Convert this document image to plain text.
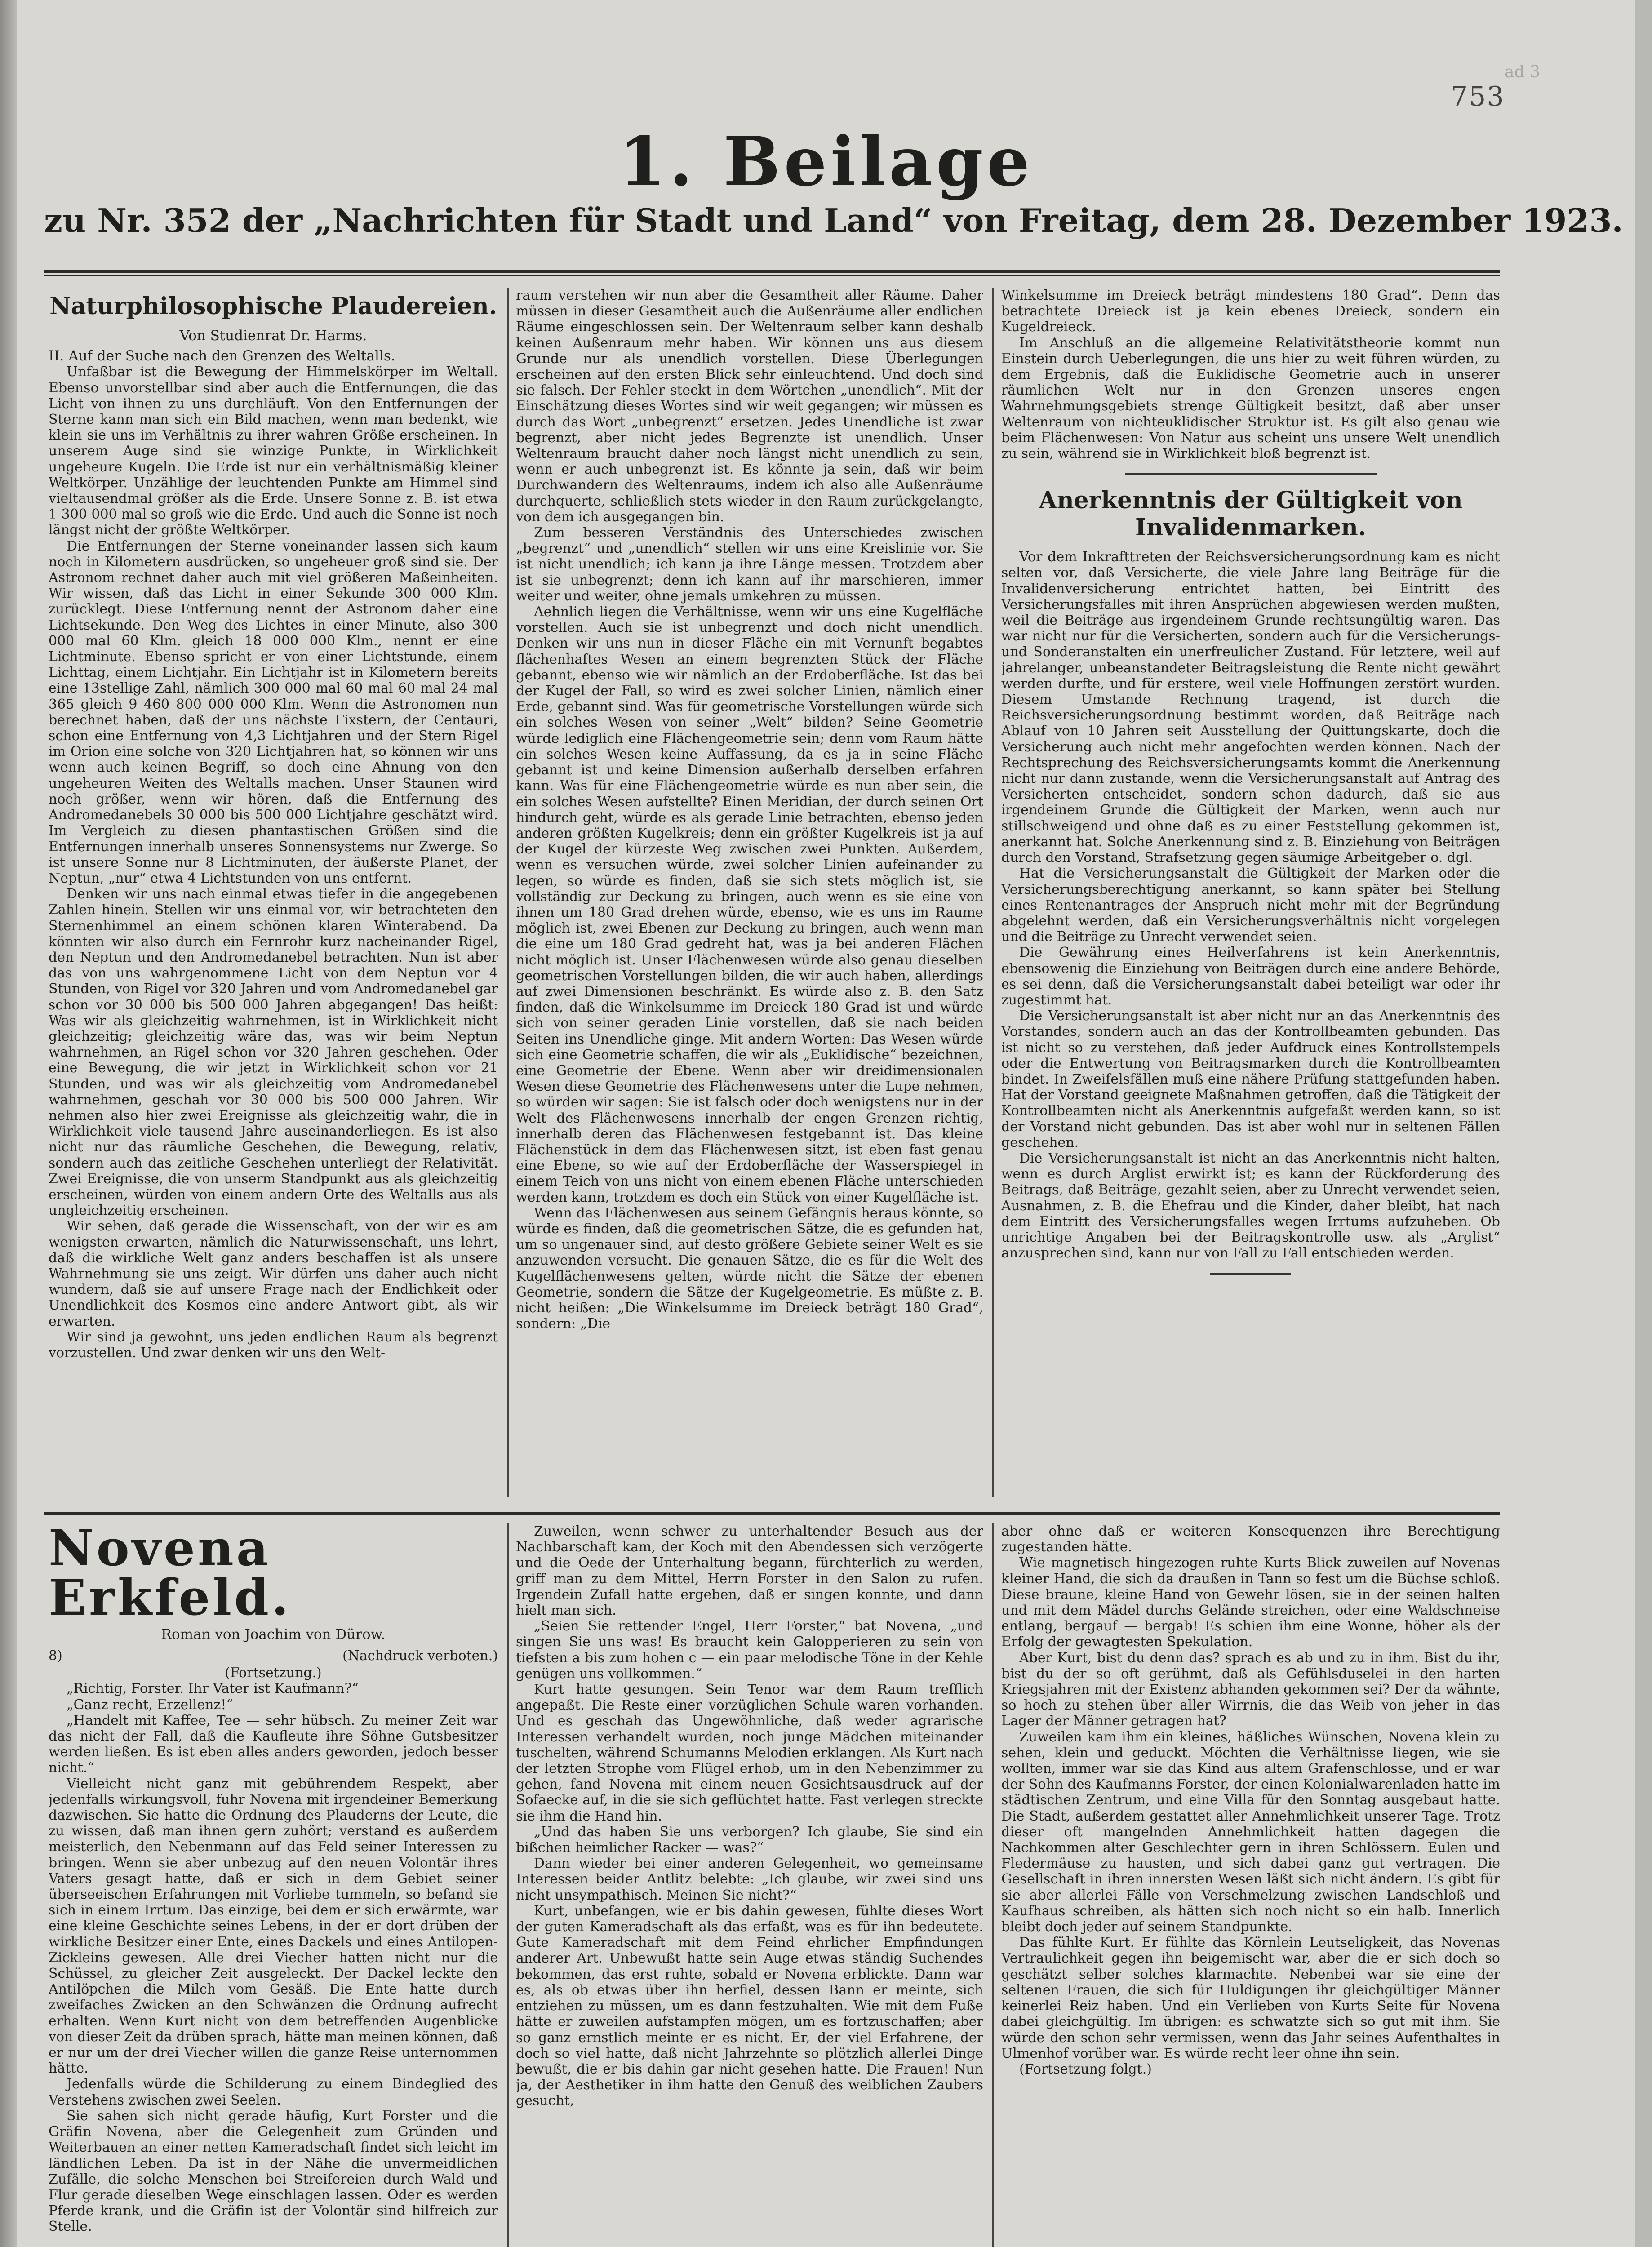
753
ad 3
1. Beilage
zu Nr. 352 der „Nachrichten für Stadt und Land“ von Freitag, dem 28. Dezember 1923.
Naturphilosophische Plaudereien.
Von Studienrat Dr. Harms.

II. Auf der Suche nach den Grenzen des Weltalls.

Unfaßbar ist die Bewegung der Himmelskörper im Weltall. Ebenso unvorstellbar sind aber auch die Entfernungen, die das Licht von ihnen zu uns durchläuft. Von den Entfernungen der Sterne kann man sich ein Bild machen, wenn man bedenkt, wie klein sie uns im Verhältnis zu ihrer wahren Größe erscheinen. In unserem Auge sind sie winzige Punkte, in Wirklichkeit ungeheure Kugeln. Die Erde ist nur ein verhältnismäßig kleiner Weltkörper. Unzählige der leuchtenden Punkte am Himmel sind vieltausendmal größer als die Erde. Unsere Sonne z. B. ist etwa 1 300 000 mal so groß wie die Erde. Und auch die Sonne ist noch längst nicht der größte Weltkörper.

Die Entfernungen der Sterne voneinander lassen sich kaum noch in Kilometern ausdrücken, so ungeheuer groß sind sie. Der Astronom rechnet daher auch mit viel größeren Maßeinheiten. Wir wissen, daß das Licht in einer Sekunde 300 000 Klm. zurücklegt. Diese Entfernung nennt der Astronom daher eine Lichtsekunde. Den Weg des Lichtes in einer Minute, also 300 000 mal 60 Klm. gleich 18 000 000 Klm., nennt er eine Lichtminute. Ebenso spricht er von einer Lichtstunde, einem Lichttag, einem Lichtjahr. Ein Lichtjahr ist in Kilometern bereits eine 13stellige Zahl, nämlich 300 000 mal 60 mal 60 mal 24 mal 365 gleich 9 460 800 000 000 Klm. Wenn die Astronomen nun berechnet haben, daß der uns nächste Fixstern, der Centauri, schon eine Entfernung von 4,3 Lichtjahren und der Stern Rigel im Orion eine solche von 320 Lichtjahren hat, so können wir uns wenn auch keinen Begriff, so doch eine Ahnung von den ungeheuren Weiten des Weltalls machen. Unser Staunen wird noch größer, wenn wir hören, daß die Entfernung des Andromedanebels 30 000 bis 500 000 Lichtjahre geschätzt wird. Im Vergleich zu diesen phantastischen Größen sind die Entfernungen innerhalb unseres Sonnensystems nur Zwerge. So ist unsere Sonne nur 8 Lichtminuten, der äußerste Planet, der Neptun, „nur“ etwa 4 Lichtstunden von uns entfernt.

Denken wir uns nach einmal etwas tiefer in die angegebenen Zahlen hinein. Stellen wir uns einmal vor, wir betrachteten den Sternenhimmel an einem schönen klaren Winterabend. Da könnten wir also durch ein Fernrohr kurz nacheinander Rigel, den Neptun und den Andromedanebel betrachten. Nun ist aber das von uns wahrgenommene Licht von dem Neptun vor 4 Stunden, von Rigel vor 320 Jahren und vom Andromedanebel gar schon vor 30 000 bis 500 000 Jahren abgegangen! Das heißt: Was wir als gleichzeitig wahrnehmen, ist in Wirklichkeit nicht gleichzeitig; gleichzeitig wäre das, was wir beim Neptun wahrnehmen, an Rigel schon vor 320 Jahren geschehen. Oder eine Bewegung, die wir jetzt in Wirklichkeit schon vor 21 Stunden, und was wir als gleichzeitig vom Andromedanebel wahrnehmen, geschah vor 30 000 bis 500 000 Jahren. Wir nehmen also hier zwei Ereignisse als gleichzeitig wahr, die in Wirklichkeit viele tausend Jahre auseinanderliegen. Es ist also nicht nur das räumliche Geschehen, die Bewegung, relativ, sondern auch das zeitliche Geschehen unterliegt der Relativität. Zwei Ereignisse, die von unserm Standpunkt aus als gleichzeitig erscheinen, würden von einem andern Orte des Weltalls aus als ungleichzeitig erscheinen.

Wir sehen, daß gerade die Wissenschaft, von der wir es am wenigsten erwarten, nämlich die Naturwissenschaft, uns lehrt, daß die wirkliche Welt ganz anders beschaffen ist als unsere Wahrnehmung sie uns zeigt. Wir dürfen uns daher auch nicht wundern, daß sie auf unsere Frage nach der Endlichkeit oder Unendlichkeit des Kosmos eine andere Antwort gibt, als wir erwarten.

Wir sind ja gewohnt, uns jeden endlichen Raum als begrenzt vorzustellen. Und zwar denken wir uns den Welt-

raum verstehen wir nun aber die Gesamtheit aller Räume. Daher müssen in dieser Gesamtheit auch die Außenräume aller endlichen Räume eingeschlossen sein. Der Weltenraum selber kann deshalb keinen Außenraum mehr haben. Wir können uns aus diesem Grunde nur als unendlich vorstellen. Diese Überlegungen erscheinen auf den ersten Blick sehr einleuchtend. Und doch sind sie falsch. Der Fehler steckt in dem Wörtchen „unendlich“. Mit der Einschätzung dieses Wortes sind wir weit gegangen; wir müssen es durch das Wort „unbegrenzt“ ersetzen. Jedes Unendliche ist zwar begrenzt, aber nicht jedes Begrenzte ist unendlich. Unser Weltenraum braucht daher noch längst nicht unendlich zu sein, wenn er auch unbegrenzt ist. Es könnte ja sein, daß wir beim Durchwandern des Weltenraums, indem ich also alle Außenräume durchquerte, schließlich stets wieder in den Raum zurückgelangte, von dem ich ausgegangen bin.

Zum besseren Verständnis des Unterschiedes zwischen „begrenzt“ und „unendlich“ stellen wir uns eine Kreislinie vor. Sie ist nicht unendlich; ich kann ja ihre Länge messen. Trotzdem aber ist sie unbegrenzt; denn ich kann auf ihr marschieren, immer weiter und weiter, ohne jemals umkehren zu müssen.

Aehnlich liegen die Verhältnisse, wenn wir uns eine Kugelfläche vorstellen. Auch sie ist unbegrenzt und doch nicht unendlich. Denken wir uns nun in dieser Fläche ein mit Vernunft begabtes flächenhaftes Wesen an einem begrenzten Stück der Fläche gebannt, ebenso wie wir nämlich an der Erdoberfläche. Ist das bei der Kugel der Fall, so wird es zwei solcher Linien, nämlich einer Erde, gebannt sind. Was für geometrische Vorstellungen würde sich ein solches Wesen von seiner „Welt“ bilden? Seine Geometrie würde lediglich eine Flächengeometrie sein; denn vom Raum hätte ein solches Wesen keine Auffassung, da es ja in seine Fläche gebannt ist und keine Dimension außerhalb derselben erfahren kann. Was für eine Flächengeometrie würde es nun aber sein, die ein solches Wesen aufstellte? Einen Meridian, der durch seinen Ort hindurch geht, würde es als gerade Linie betrachten, ebenso jeden anderen größten Kugelkreis; denn ein größter Kugelkreis ist ja auf der Kugel der kürzeste Weg zwischen zwei Punkten. Außerdem, wenn es versuchen würde, zwei solcher Linien aufeinander zu legen, so würde es finden, daß sie sich stets möglich ist, sie vollständig zur Deckung zu bringen, auch wenn es sie eine von ihnen um 180 Grad drehen würde, ebenso, wie es uns im Raume möglich ist, zwei Ebenen zur Deckung zu bringen, auch wenn man die eine um 180 Grad gedreht hat, was ja bei anderen Flächen nicht möglich ist. Unser Flächenwesen würde also genau dieselben geometrischen Vorstellungen bilden, die wir auch haben, allerdings auf zwei Dimensionen beschränkt. Es würde also z. B. den Satz finden, daß die Winkelsumme im Dreieck 180 Grad ist und würde sich von seiner geraden Linie vorstellen, daß sie nach beiden Seiten ins Unendliche ginge. Mit andern Worten: Das Wesen würde sich eine Geometrie schaffen, die wir als „Euklidische“ bezeichnen, eine Geometrie der Ebene. Wenn aber wir dreidimensionalen Wesen diese Geometrie des Flächenwesens unter die Lupe nehmen, so würden wir sagen: Sie ist falsch oder doch wenigstens nur in der Welt des Flächenwesens innerhalb der engen Grenzen richtig, innerhalb deren das Flächenwesen festgebannt ist. Das kleine Flächenstück in dem das Flächenwesen sitzt, ist eben fast genau eine Ebene, so wie auf der Erdoberfläche der Wasserspiegel in einem Teich von uns nicht von einem ebenen Fläche unterschieden werden kann, trotzdem es doch ein Stück von einer Kugelfläche ist.

Wenn das Flächenwesen aus seinem Gefängnis heraus könnte, so würde es finden, daß die geometrischen Sätze, die es gefunden hat, um so ungenauer sind, auf desto größere Gebiete seiner Welt es sie anzuwenden versucht. Die genauen Sätze, die es für die Welt des Kugelflächenwesens gelten, würde nicht die Sätze der ebenen Geometrie, sondern die Sätze der Kugelgeometrie. Es müßte z. B. nicht heißen: „Die Winkelsumme im Dreieck beträgt 180 Grad“, sondern: „Die

Winkelsumme im Dreieck beträgt mindestens 180 Grad“. Denn das betrachtete Dreieck ist ja kein ebenes Dreieck, sondern ein Kugeldreieck.

Im Anschluß an die allgemeine Relativitätstheorie kommt nun Einstein durch Ueberlegungen, die uns hier zu weit führen würden, zu dem Ergebnis, daß die Euklidische Geometrie auch in unserer räumlichen Welt nur in den Grenzen unseres engen Wahrnehmungsgebiets strenge Gültigkeit besitzt, daß aber unser Weltenraum von nichteuklidischer Struktur ist. Es gilt also genau wie beim Flächenwesen: Von Natur aus scheint uns unsere Welt unendlich zu sein, während sie in Wirklichkeit bloß begrenzt ist.

Anerkenntnis der Gültigkeit von Invalidenmarken.

Vor dem Inkrafttreten der Reichsversicherungsordnung kam es nicht selten vor, daß Versicherte, die viele Jahre lang Beiträge für die Invalidenversicherung entrichtet hatten, bei Eintritt des Versicherungsfalles mit ihren Ansprüchen abgewiesen werden mußten, weil die Beiträge aus irgendeinem Grunde rechtsungültig waren. Das war nicht nur für die Versicherten, sondern auch für die Versicherungs- und Sonderanstalten ein unerfreulicher Zustand. Für letztere, weil auf jahrelanger, unbeanstandeter Beitragsleistung die Rente nicht gewährt werden durfte, und für erstere, weil viele Hoffnungen zerstört wurden. Diesem Umstande Rechnung tragend, ist durch die Reichsversicherungsordnung bestimmt worden, daß Beiträge nach Ablauf von 10 Jahren seit Ausstellung der Quittungskarte, doch die Versicherung auch nicht mehr angefochten werden können. Nach der Rechtsprechung des Reichsversicherungsamts kommt die Anerkennung nicht nur dann zustande, wenn die Versicherungsanstalt auf Antrag des Versicherten entscheidet, sondern schon dadurch, daß sie aus irgendeinem Grunde die Gültigkeit der Marken, wenn auch nur stillschweigend und ohne daß es zu einer Feststellung gekommen ist, anerkannt hat. Solche Anerkennung sind z. B. Einziehung von Beiträgen durch den Vorstand, Strafsetzung gegen säumige Arbeitgeber o. dgl.

Hat die Versicherungsanstalt die Gültigkeit der Marken oder die Versicherungsberechtigung anerkannt, so kann später bei Stellung eines Rentenantrages der Anspruch nicht mehr mit der Begründung abgelehnt werden, daß ein Versicherungsverhältnis nicht vorgelegen und die Beiträge zu Unrecht verwendet seien.

Die Gewährung eines Heilverfahrens ist kein Anerkenntnis, ebensowenig die Einziehung von Beiträgen durch eine andere Behörde, es sei denn, daß die Versicherungsanstalt dabei beteiligt war oder ihr zugestimmt hat.

Die Versicherungsanstalt ist aber nicht nur an das Anerkenntnis des Vorstandes, sondern auch an das der Kontrollbeamten gebunden. Das ist nicht so zu verstehen, daß jeder Aufdruck eines Kontrollstempels oder die Entwertung von Beitragsmarken durch die Kontrollbeamten bindet. In Zweifelsfällen muß eine nähere Prüfung stattgefunden haben. Hat der Vorstand geeignete Maßnahmen getroffen, daß die Tätigkeit der Kontrollbeamten nicht als Anerkenntnis aufgefaßt werden kann, so ist der Vorstand nicht gebunden. Das ist aber wohl nur in seltenen Fällen geschehen.

Die Versicherungsanstalt ist nicht an das Anerkenntnis nicht halten, wenn es durch Arglist erwirkt ist; es kann der Rückforderung des Beitrags, daß Beiträge, gezahlt seien, aber zu Unrecht verwendet seien, Ausnahmen, z. B. die Ehefrau und die Kinder, daher bleibt, hat nach dem Eintritt des Versicherungsfalles wegen Irrtums aufzuheben. Ob unrichtige Angaben bei der Beitragskontrolle usw. als „Arglist“ anzusprechen sind, kann nur von Fall zu Fall entschieden werden.

Novena Erkfeld.
Roman von Joachim von Dürow.
8)	(Nachdruck verboten.)

(Fortsetzung.)

„Richtig, Forster. Ihr Vater ist Kaufmann?“

„Ganz recht, Erzellenz!“

„Handelt mit Kaffee, Tee — sehr hübsch. Zu meiner Zeit war das nicht der Fall, daß die Kaufleute ihre Söhne Gutsbesitzer werden ließen. Es ist eben alles anders geworden, jedoch besser nicht.“

Vielleicht nicht ganz mit gebührendem Respekt, aber jedenfalls wirkungsvoll, fuhr Novena mit irgendeiner Bemerkung dazwischen. Sie hatte die Ordnung des Plauderns der Leute, die zu wissen, daß man ihnen gern zuhört; verstand es außerdem meisterlich, den Nebenmann auf das Feld seiner Interessen zu bringen. Wenn sie aber unbezug auf den neuen Volontär ihres Vaters gesagt hatte, daß er sich in dem Gebiet seiner überseeischen Erfahrungen mit Vorliebe tummeln, so befand sie sich in einem Irrtum. Das einzige, bei dem er sich erwärmte, war eine kleine Geschichte seines Lebens, in der er dort drüben der wirkliche Besitzer einer Ente, eines Dackels und eines Antilopen-Zickleins gewesen. Alle drei Viecher hatten nicht nur die Schüssel, zu gleicher Zeit ausgeleckt. Der Dackel leckte den Antilöpchen die Milch vom Gesäß. Die Ente hatte durch zweifaches Zwicken an den Schwänzen die Ordnung aufrecht erhalten. Wenn Kurt nicht von dem betreffenden Augenblicke von dieser Zeit da drüben sprach, hätte man meinen können, daß er nur um der drei Viecher willen die ganze Reise unternommen hätte.

Jedenfalls würde die Schilderung zu einem Bindeglied des Verstehens zwischen zwei Seelen.

Sie sahen sich nicht gerade häufig, Kurt Forster und die Gräfin Novena, aber die Gelegenheit zum Gründen und Weiterbauen an einer netten Kameradschaft findet sich leicht im ländlichen Leben. Da ist in der Nähe die unvermeidlichen Zufälle, die solche Menschen bei Streifereien durch Wald und Flur gerade dieselben Wege einschlagen lassen. Oder es werden Pferde krank, und die Gräfin ist der Volontär sind hilfreich zur Stelle.

Zuweilen, wenn schwer zu unterhaltender Besuch aus der Nachbarschaft kam, der Koch mit den Abendessen sich verzögerte und die Oede der Unterhaltung begann, fürchterlich zu werden, griff man zu dem Mittel, Herrn Forster in den Salon zu rufen. Irgendein Zufall hatte ergeben, daß er singen konnte, und dann hielt man sich.

„Seien Sie rettender Engel, Herr Forster,“ bat Novena, „und singen Sie uns was! Es braucht kein Galopperieren zu sein von tiefsten a bis zum hohen c — ein paar melodische Töne in der Kehle genügen uns vollkommen.“

Kurt hatte gesungen. Sein Tenor war dem Raum trefflich angepaßt. Die Reste einer vorzüglichen Schule waren vorhanden. Und es geschah das Ungewöhnliche, daß weder agrarische Interessen verhandelt wurden, noch junge Mädchen miteinander tuschelten, während Schumanns Melodien erklangen. Als Kurt nach der letzten Strophe vom Flügel erhob, um in den Nebenzimmer zu gehen, fand Novena mit einem neuen Gesichtsausdruck auf der Sofaecke auf, in die sie sich geflüchtet hatte. Fast verlegen streckte sie ihm die Hand hin.

„Und das haben Sie uns verborgen? Ich glaube, Sie sind ein bißchen heimlicher Racker — was?“

Dann wieder bei einer anderen Gelegenheit, wo gemeinsame Interessen beider Antlitz belebte: „Ich glaube, wir zwei sind uns nicht unsympathisch. Meinen Sie nicht?“

Kurt, unbefangen, wie er bis dahin gewesen, fühlte dieses Wort der guten Kameradschaft als das erfaßt, was es für ihn bedeutete. Gute Kameradschaft mit dem Feind ehrlicher Empfindungen anderer Art. Unbewußt hatte sein Auge etwas ständig Suchendes bekommen, das erst ruhte, sobald er Novena erblickte. Dann war es, als ob etwas über ihn herfiel, dessen Bann er meinte, sich entziehen zu müssen, um es dann festzuhalten. Wie mit dem Fuße hätte er zuweilen aufstampfen mögen, um es fortzuschaffen; aber so ganz ernstlich meinte er es nicht. Er, der viel Erfahrene, der doch so viel hatte, daß nicht Jahrzehnte so plötzlich allerlei Dinge bewußt, die er bis dahin gar nicht gesehen hatte. Die Frauen! Nun ja, der Aesthetiker in ihm hatte den Genuß des weiblichen Zaubers gesucht,

aber ohne daß er weiteren Konsequenzen ihre Berechtigung zugestanden hätte.

Wie magnetisch hingezogen ruhte Kurts Blick zuweilen auf Novenas kleiner Hand, die sich da draußen in Tann so fest um die Büchse schloß. Diese braune, kleine Hand von Gewehr lösen, sie in der seinen halten und mit dem Mädel durchs Gelände streichen, oder eine Waldschneise entlang, bergauf — bergab! Es schien ihm eine Wonne, höher als der Erfolg der gewagtesten Spekulation.

Aber Kurt, bist du denn das? sprach es ab und zu in ihm. Bist du ihr, bist du der so oft gerühmt, daß als Gefühlsduselei in den harten Kriegsjahren mit der Existenz abhanden gekommen sei? Der da wähnte, so hoch zu stehen über aller Wirrnis, die das Weib von jeher in das Lager der Männer getragen hat?

Zuweilen kam ihm ein kleines, häßliches Wünschen, Novena klein zu sehen, klein und geduckt. Möchten die Verhältnisse liegen, wie sie wollten, immer war sie das Kind aus altem Grafenschlosse, und er war der Sohn des Kaufmanns Forster, der einen Kolonialwarenladen hatte im städtischen Zentrum, und eine Villa für den Sonntag ausgebaut hatte. Die Stadt, außerdem gestattet aller Annehmlichkeit unserer Tage. Trotz dieser oft mangelnden Annehmlichkeit hatten dagegen die Nachkommen alter Geschlechter gern in ihren Schlössern. Eulen und Fledermäuse zu hausten, und sich dabei ganz gut vertragen. Die Gesellschaft in ihren innersten Wesen läßt sich nicht ändern. Es gibt für sie aber allerlei Fälle von Verschmelzung zwischen Landschloß und Kaufhaus schreiben, als hätten sich noch nicht so ein halb. Innerlich bleibt doch jeder auf seinem Standpunkte.

Das fühlte Kurt. Er fühlte das Körnlein Leutseligkeit, das Novenas Vertraulichkeit gegen ihn beigemischt war, aber die er sich doch so geschätzt selber solches klarmachte. Nebenbei war sie eine der seltenen Frauen, die sich für Huldigungen ihr gleichgültiger Männer keinerlei Reiz haben. Und ein Verlieben von Kurts Seite für Novena dabei gleichgültig. Im übrigen: es schwatzte sich so gut mit ihm. Sie würde den schon sehr vermissen, wenn das Jahr seines Aufenthaltes in Ulmenhof vorüber war. Es würde recht leer ohne ihn sein.

(Fortsetzung folgt.)
